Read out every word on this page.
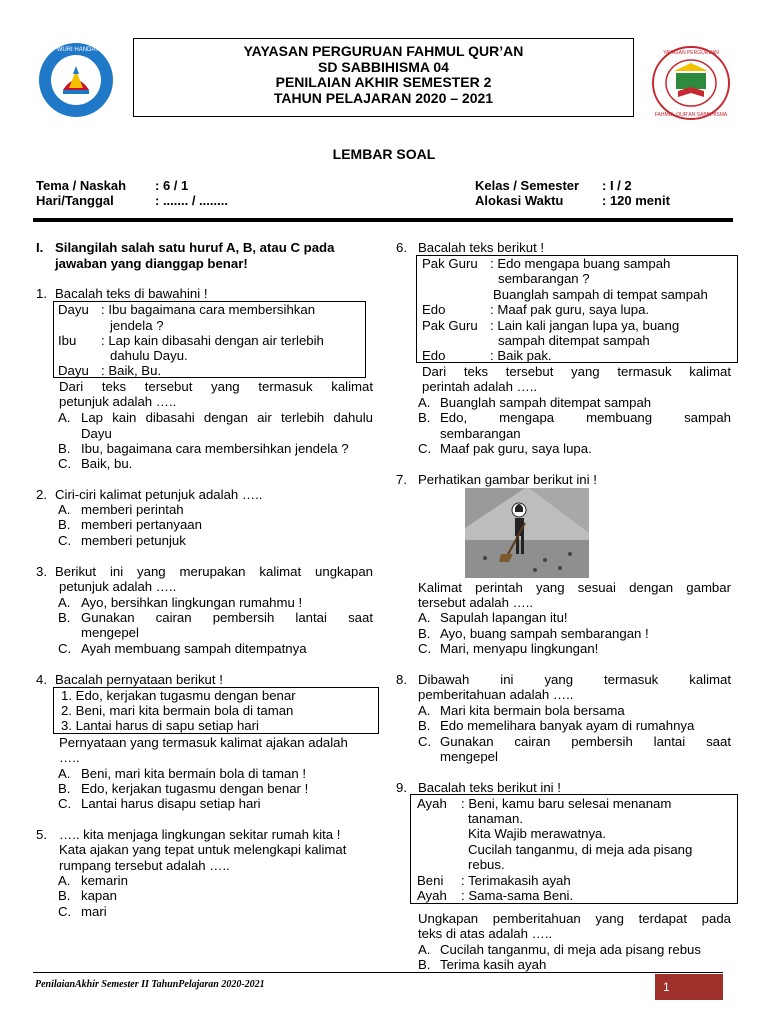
TUT WURI HANDAYANI	YAYASAN PERGURUAN
FAHMUL QUR'AN SABBIHISMA
YAYASAN PERGURUAN FAHMUL QUR’AN
SD SABBIHISMA 04
PENILAIAN AKHIR SEMESTER 2
TAHUN PELAJARAN 2020 – 2021
LEMBAR SOAL
Tema / Naskah : 6 / 1
Hari/Tanggal	: ....... / ........
Kelas / Semester : I / 2
Alokasi Waktu	: 120 menit
I. Silangilah salah satu huruf A, B, atau C pada
jawaban yang dianggap benar!
1. Bacalah teks di bawahini !
Dayu : Ibu bagaimana cara membersihkan
jendela ?
Ibu : Lap kain dibasahi dengan air terlebih
dahulu Dayu.
Dayu : Baik, Bu.
Dari teks tersebut yang termasuk kalimat
petunjuk adalah …..
A. Lap kain dibasahi dengan air terlebih dahulu
Dayu
B. Ibu, bagaimana cara membersihkan jendela ?
C. Baik, bu.
2. Ciri-ciri kalimat petunjuk adalah …..
A. memberi perintah
B. memberi pertanyaan
C. memberi petunjuk
3. Berikut ini yang merupakan kalimat ungkapan
petunjuk adalah …..
A. Ayo, bersihkan lingkungan rumahmu !
B. Gunakan cairan pembersih lantai saat
mengepel
C. Ayah membuang sampah ditempatnya
4. Bacalah pernyataan berikut !
1. Edo, kerjakan tugasmu dengan benar
2. Beni, mari kita bermain bola di taman
3. Lantai harus di sapu setiap hari
Pernyataan yang termasuk kalimat ajakan adalah
…..
A. Beni, mari kita bermain bola di taman !
B. Edo, kerjakan tugasmu dengan benar !
C. Lantai harus disapu setiap hari
5. ….. kita menjaga lingkungan sekitar rumah kita !
Kata ajakan yang tepat untuk melengkapi kalimat
rumpang tersebut adalah …..
A. kemarin
B. kapan
C. mari
6. Bacalah teks berikut !
Pak Guru : Edo mengapa buang sampah
sembarangan ?
Buanglah sampah di tempat sampah
Edo	: Maaf pak guru, saya lupa.
Pak Guru : Lain kali jangan lupa ya, buang
sampah ditempat sampah
Edo	: Baik pak.
Dari teks tersebut yang termasuk kalimat
perintah adalah …..
A. Buanglah sampah ditempat sampah
B. Edo, mengapa membuang sampah
sembarangan
C. Maaf pak guru, saya lupa.
7. Perhatikan gambar berikut ini !
Kalimat perintah yang sesuai dengan gambar
tersebut adalah …..
A. Sapulah lapangan itu!
B. Ayo, buang sampah sembarangan !
C. Mari, menyapu lingkungan!
8. Dibawah ini yang termasuk kalimat
pemberitahuan adalah …..
A. Mari kita bermain bola bersama
B. Edo memelihara banyak ayam di rumahnya
C. Gunakan cairan pembersih lantai saat
mengepel
9. Bacalah teks berikut ini !
Ayah : Beni, kamu baru selesai menanam
tanaman.
Kita Wajib merawatnya.
Cucilah tanganmu, di meja ada pisang
rebus.
Beni : Terimakasih ayah
Ayah : Sama-sama Beni.
Ungkapan pemberitahuan yang terdapat pada
teks di atas adalah …..
A. Cucilah tanganmu, di meja ada pisang rebus
B. Terima kasih ayah
PenilaianAkhir Semester II TahunPelajaran 2020-2021	1
